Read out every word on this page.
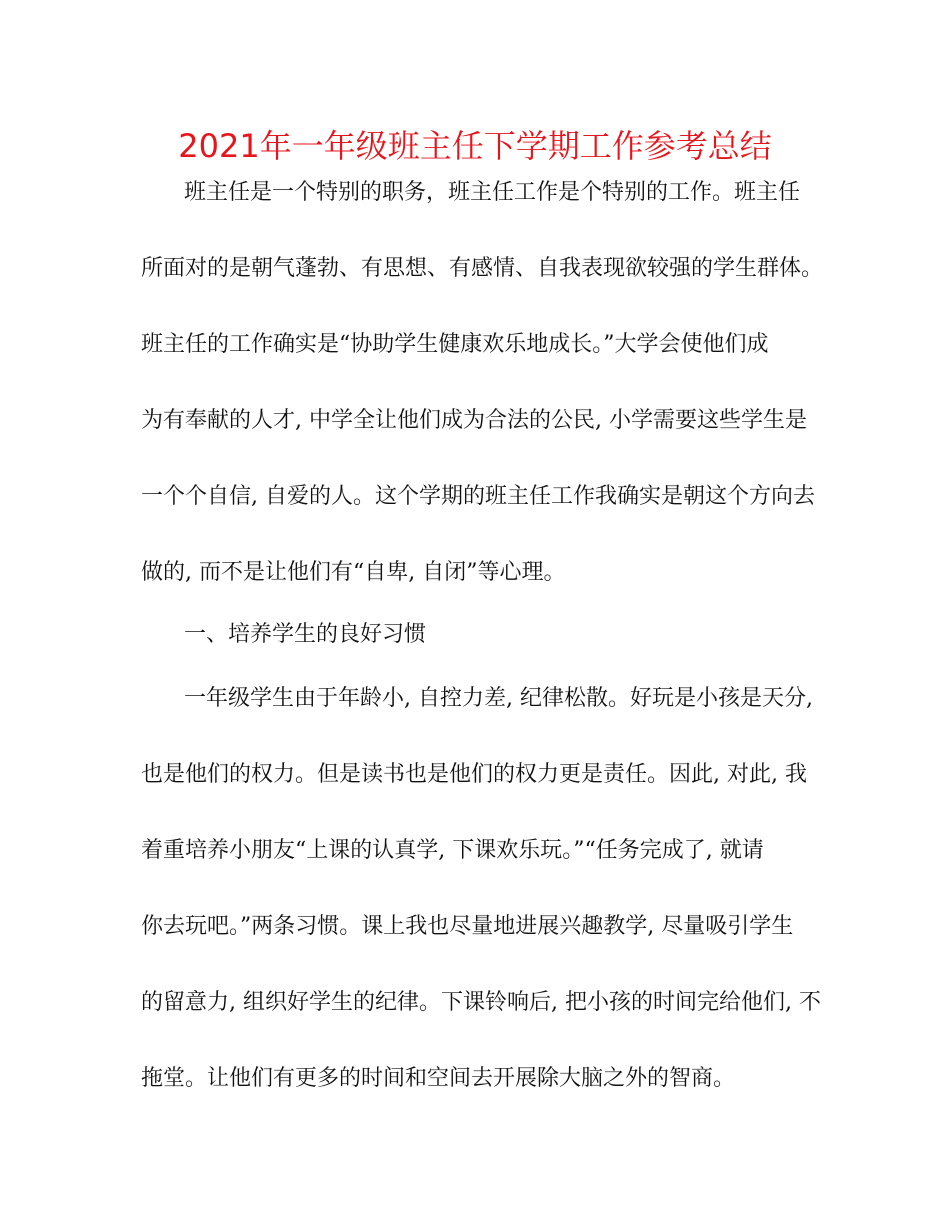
2021年一年级班主任下学期工作参考总结
班主任是一个特别的职务，班主任工作是个特别的工作。班主任
所面对的是朝气蓬勃、有思想、有感情、自我表现欲较强的学生群体。
班主任的工作确实是“协助学生健康欢乐地成长。”大学会使他们成
为有奉献的人才, 中学全让他们成为合法的公民, 小学需要这些学生是
一个个自信, 自爱的人。这个学期的班主任工作我确实是朝这个方向去
做的, 而不是让他们有“自卑, 自闭”等心理。
一、培养学生的良好习惯
一年级学生由于年龄小, 自控力差, 纪律松散。好玩是小孩是天分,
也是他们的权力。但是读书也是他们的权力更是责任。因此, 对此, 我
着重培养小朋友“上课的认真学, 下课欢乐玩。”“任务完成了, 就请
你去玩吧。”两条习惯。课上我也尽量地进展兴趣教学, 尽量吸引学生
的留意力, 组织好学生的纪律。下课铃响后, 把小孩的时间完给他们, 不
拖堂。让他们有更多的时间和空间去开展除大脑之外的智商。
